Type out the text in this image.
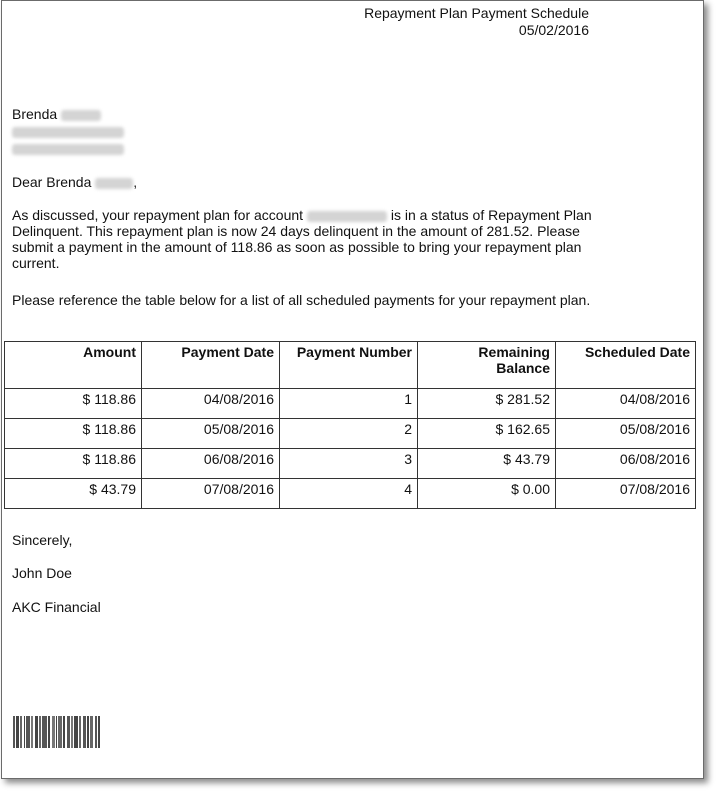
Repayment Plan Payment Schedule
05/02/2016
Brenda
Dear Brenda	,
As discussed, your repayment plan for account	is in a status of Repayment Plan Delinquent. This repayment plan is now 24 days delinquent in the amount of 281.52. Please submit a payment in the amount of 118.86 as soon as possible to bring your repayment plan current.
Please reference the table below for a list of all scheduled payments for your repayment plan.
Amount	Payment Date	Payment Number	Remaining Balance	Scheduled Date
$ 118.86	04/08/2016	1	$ 281.52	04/08/2016
$ 118.86	05/08/2016	2	$ 162.65	05/08/2016
$ 118.86	06/08/2016	3	$ 43.79	06/08/2016
$ 43.79	07/08/2016	4	$ 0.00	07/08/2016
Sincerely,
John Doe
AKC Financial
